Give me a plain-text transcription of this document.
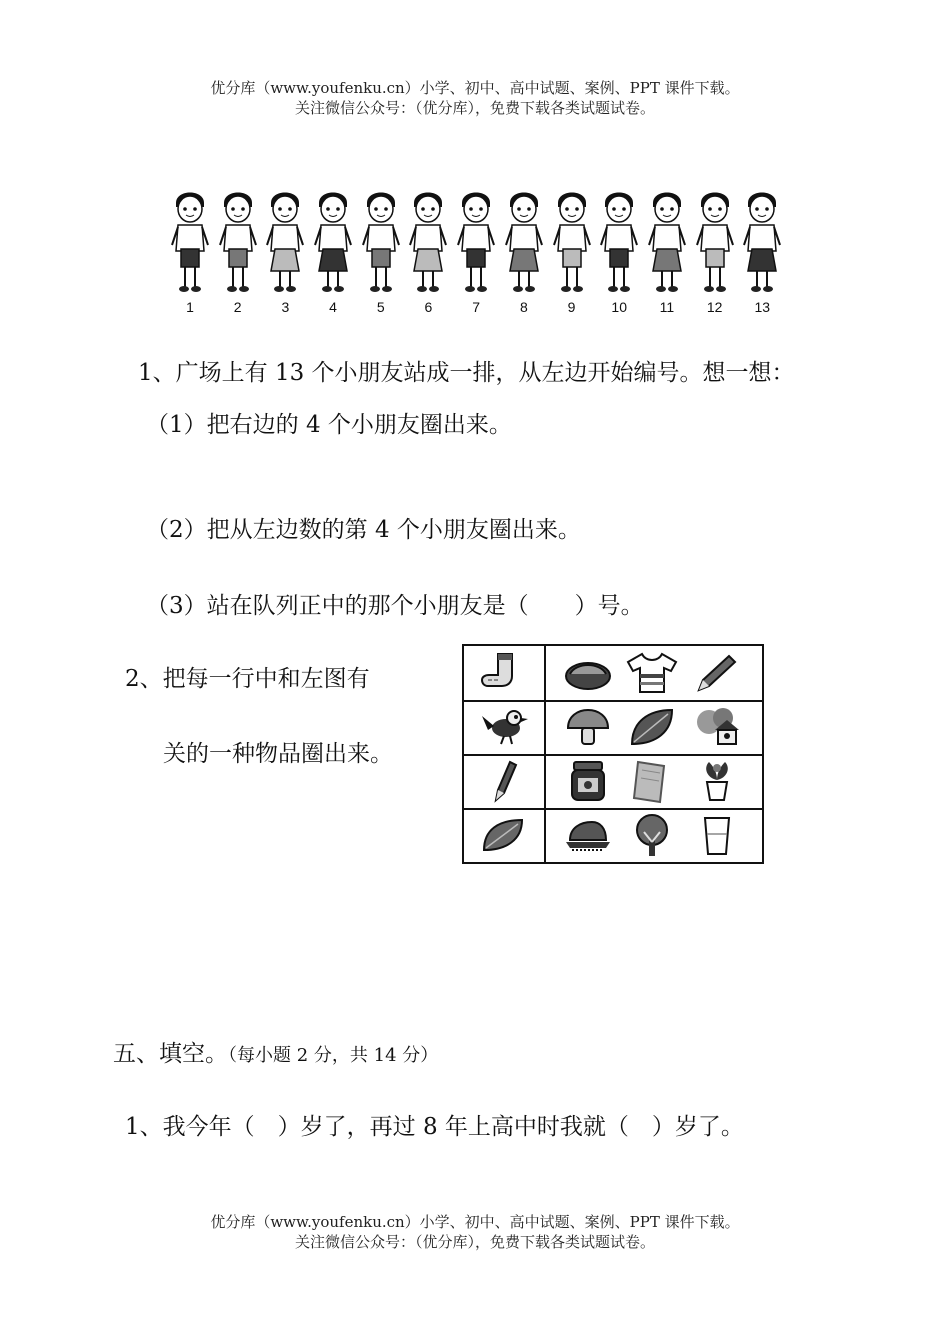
优分库（www.youfenku.cn）小学、初中、高中试题、案例、PPT 课件下载。
关注微信公众号：（优分库），免费下载各类试题试卷。
1	2	3	4	5	6	7	8	9	10	11	12	13
1、广场上有 13 个小朋友站成一排，从左边开始编号。想一想：
（1）把右边的 4 个小朋友圈出来。
（2）把从左边数的第 4 个小朋友圈出来。
（3）站在队列正中的那个小朋友是（　　）号。
2、把每一行中和左图有
关的一种物品圈出来。
五、填空。（每小题 2 分，共 14 分）
1、我今年（　）岁了，再过 8 年上高中时我就（　）岁了。
优分库（www.youfenku.cn）小学、初中、高中试题、案例、PPT 课件下载。
关注微信公众号：（优分库），免费下载各类试题试卷。
